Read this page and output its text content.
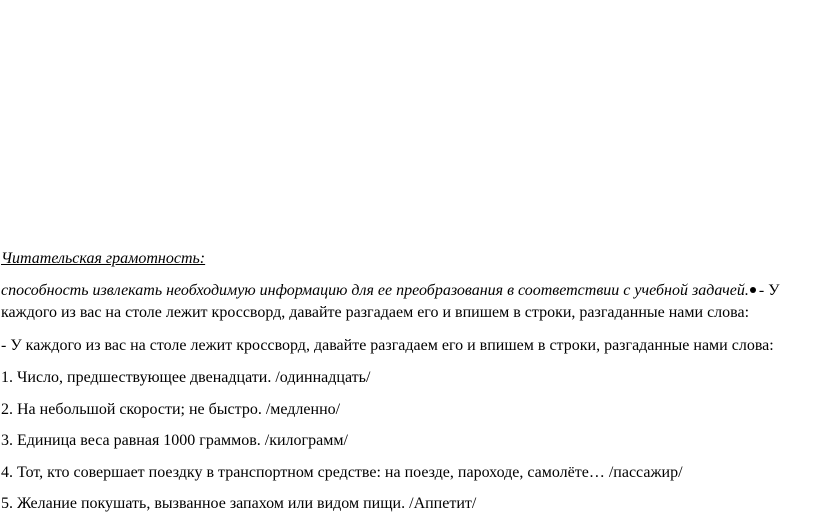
Читательская грамотность:
способность извлекать необходимую информацию для ее преобразования в соответствии с учебной задачей. - У
каждого из вас на столе лежит кроссворд, давайте разгадаем его и впишем в строки, разгаданные нами слова:
- У каждого из вас на столе лежит кроссворд, давайте разгадаем его и впишем в строки, разгаданные нами слова:
1. Число, предшествующее двенадцати. /одиннадцать/
2. На небольшой скорости; не быстро. /медленно/
3. Единица веса равная 1000 граммов. /килограмм/
4. Тот, кто совершает поездку в транспортном средстве: на поезде, пароходе, самолёте… /пассажир/
5. Желание покушать, вызванное запахом или видом пищи. /Аппетит/
